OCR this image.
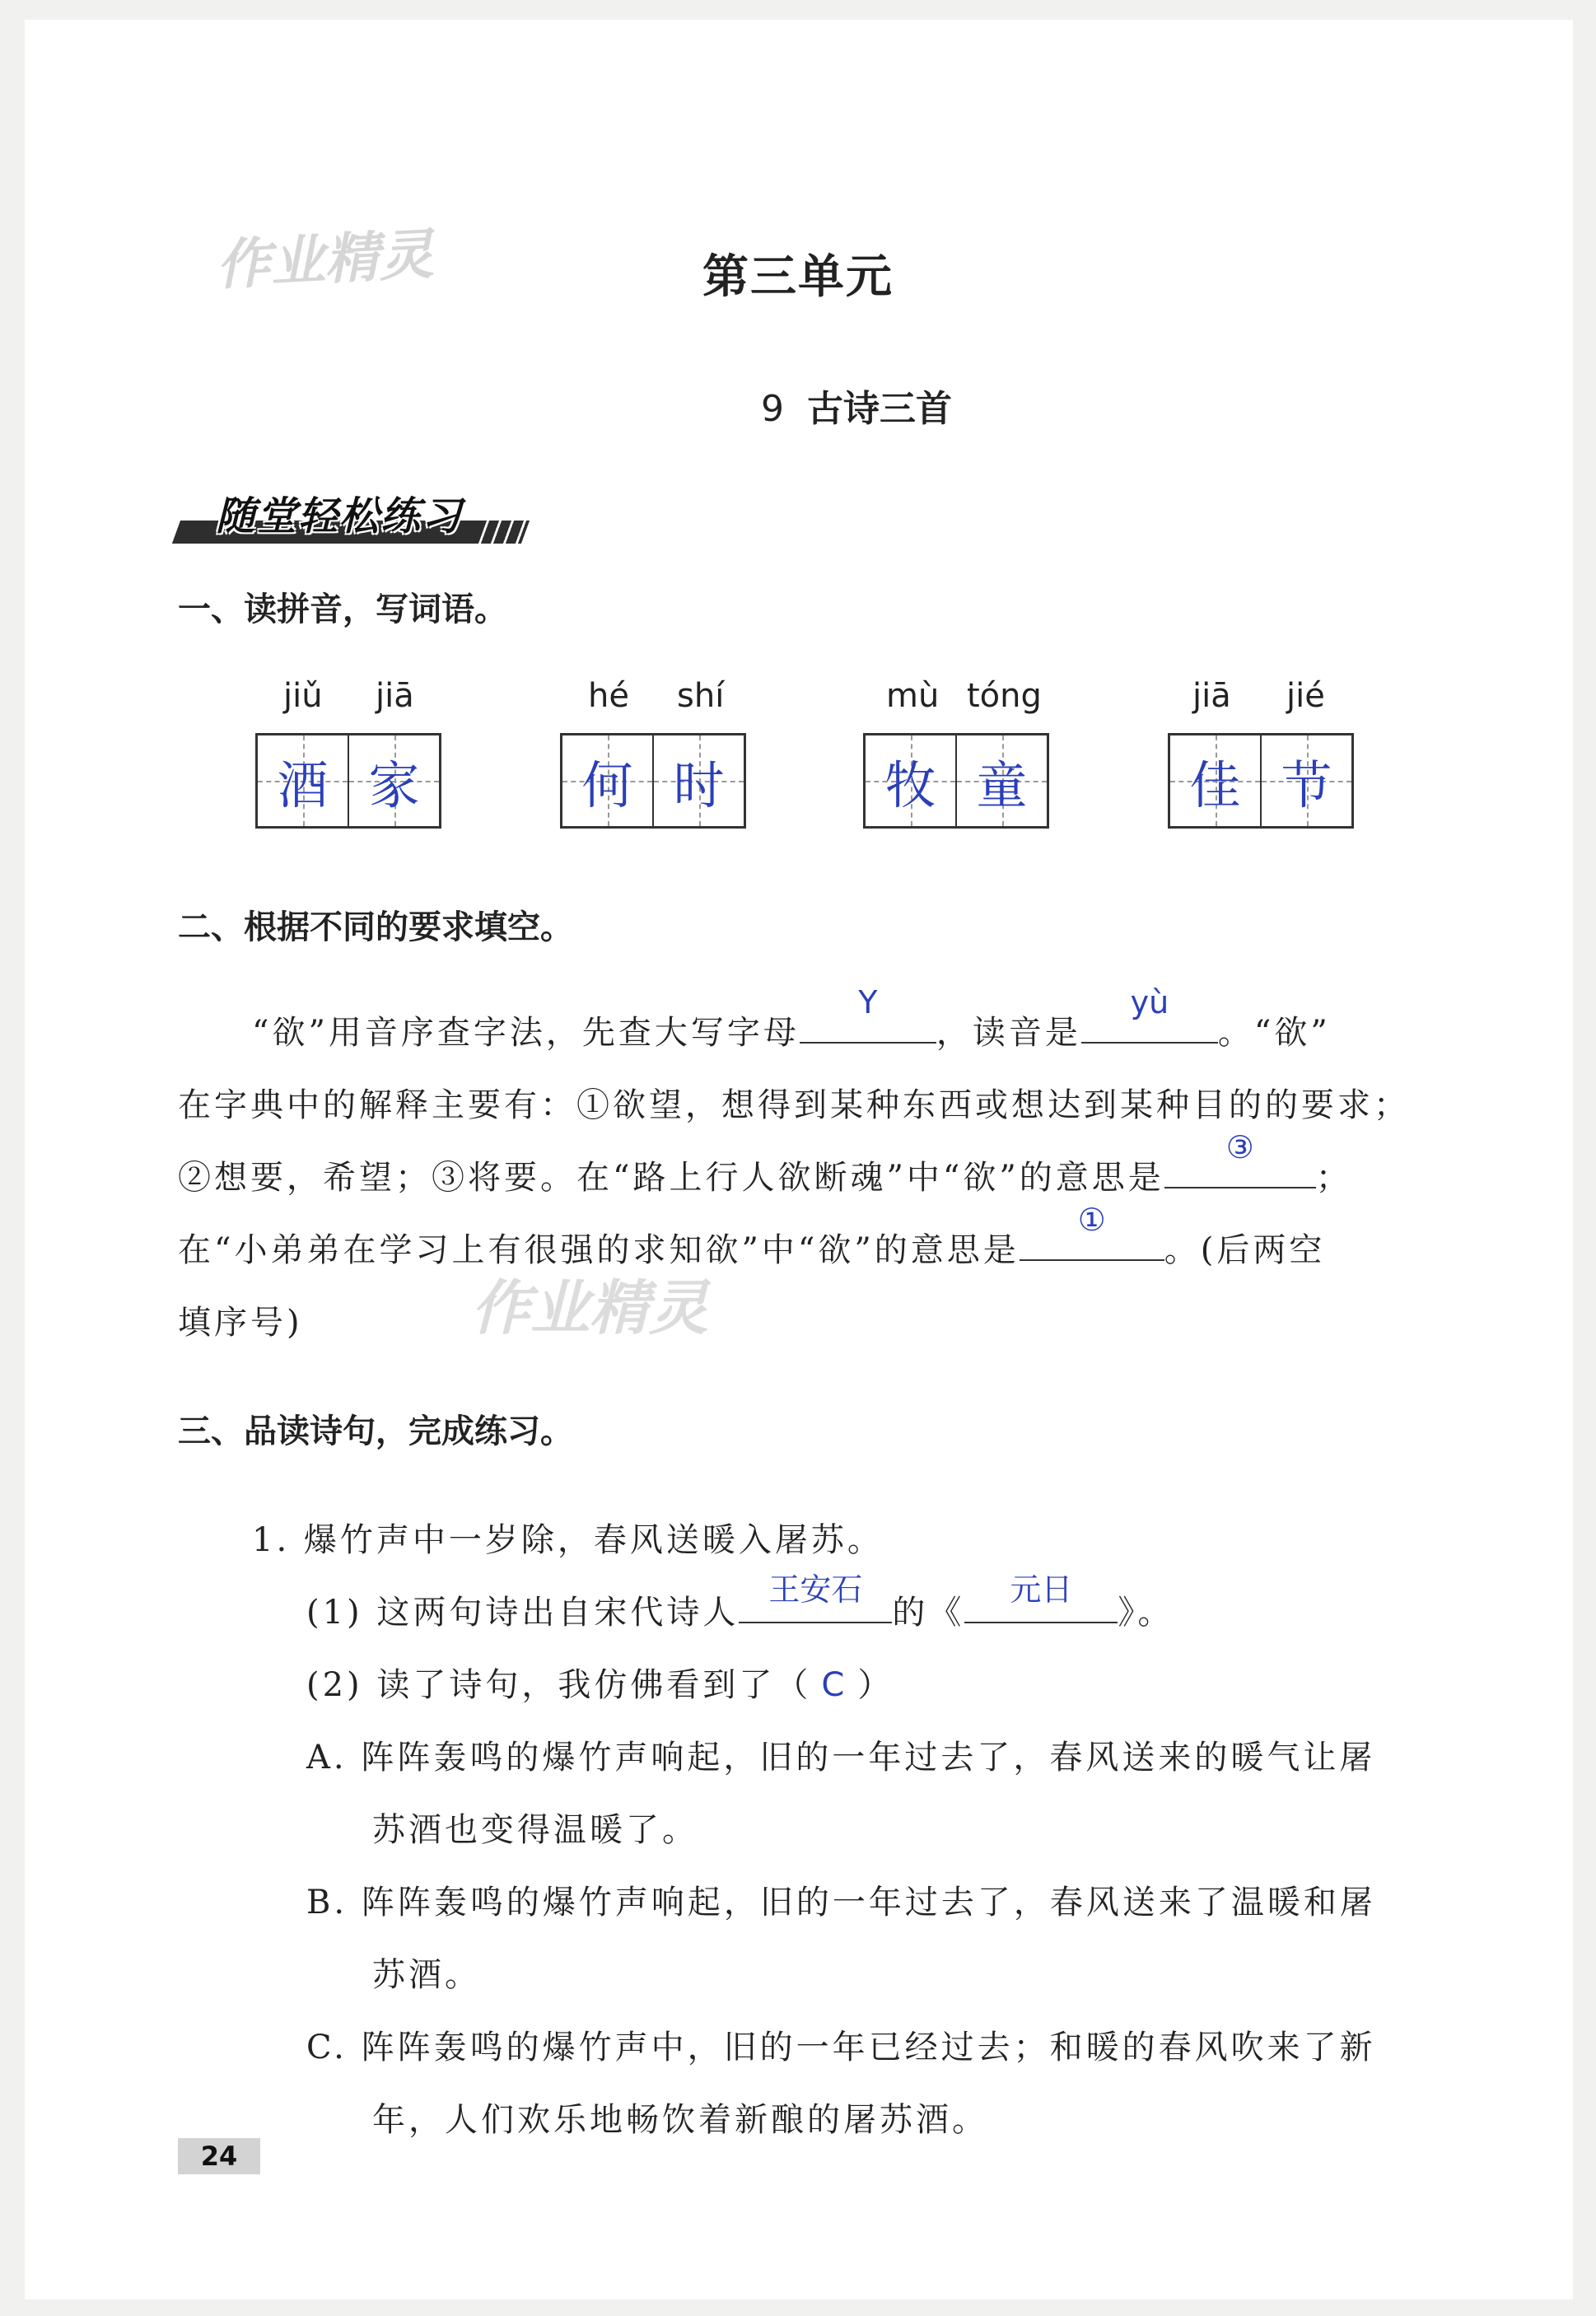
作业精灵
作业精灵
第三单元
9 古诗三首
随堂轻松练习
一、读拼音，写词语。
jiǔ jiā
酒 家
hé shí
何 时
mù tóng
牧 童
jiā jié
佳 节
二、根据不同的要求填空。
“欲”用音序查字法，先查大写字母
Y
，读音是
yù
。“欲”
在字典中的解释主要有：①欲望，想得到某种东西或想达到某种目的的要求；
②想要，希望；③将要。在“路上行人欲断魂”中“欲”的意思是
③
；
在“小弟弟在学习上有很强的求知欲”中“欲”的意思是
①
。(后两空
填序号)
三、品读诗句，完成练习。
1. 爆竹声中一岁除，春风送暖入屠苏。
(1) 这两句诗出自宋代诗人
王安石
的《
元日
》。
(2) 读了诗句，我仿佛看到了（ C ）
A. 阵阵轰鸣的爆竹声响起，旧的一年过去了，春风送来的暖气让屠
苏酒也变得温暖了。
B. 阵阵轰鸣的爆竹声响起，旧的一年过去了，春风送来了温暖和屠
苏酒。
C. 阵阵轰鸣的爆竹声中，旧的一年已经过去；和暖的春风吹来了新
年，人们欢乐地畅饮着新酿的屠苏酒。
24
